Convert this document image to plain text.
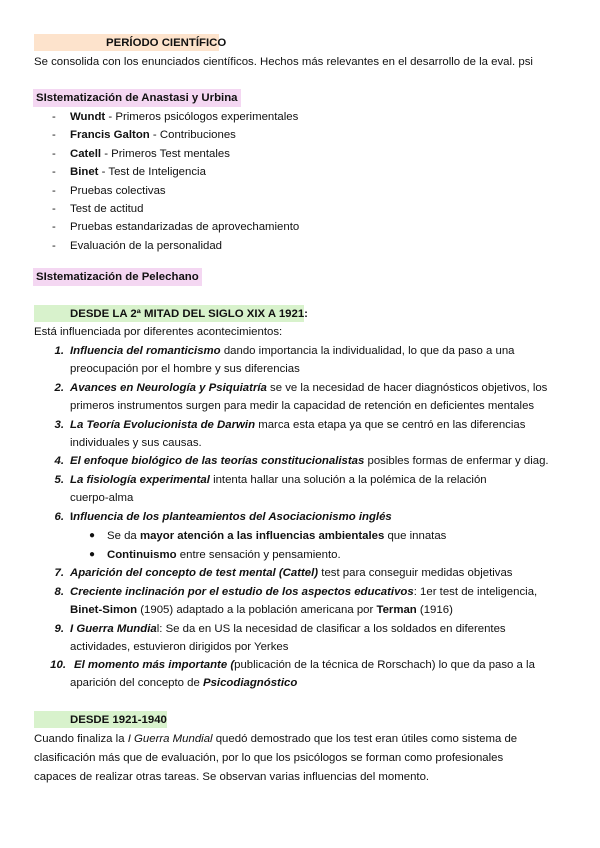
PERÍODO CIENTÍFICO
Se consolida con los enunciados científicos. Hechos más relevantes en el desarrollo de la eval. psi
SIstematización de Anastasi y Urbina
- Wundt - Primeros psicólogos experimentales
- Francis Galton - Contribuciones
- Catell - Primeros Test mentales
- Binet - Test de Inteligencia
- Pruebas colectivas
- Test de actitud
- Pruebas estandarizadas de aprovechamiento
- Evaluación de la personalidad
SIstematización de Pelechano
DESDE LA 2ª MITAD DEL SIGLO XIX A 1921:
Está influenciada por diferentes acontecimientos:
1. Influencia del romanticismo dando importancia la individualidad, lo que da paso a una
preocupación por el hombre y sus diferencias
2. Avances en Neurología y Psiquiatría se ve la necesidad de hacer diagnósticos objetivos, los
primeros instrumentos surgen para medir la capacidad de retención en deficientes mentales
3. La Teoría Evolucionista de Darwin marca esta etapa ya que se centró en las diferencias
individuales y sus causas.
4. El enfoque biológico de las teorías constitucionalistas posibles formas de enfermar y diag.
5. La fisiología experimental intenta hallar una solución a la polémica de la relación
cuerpo-alma
6. Influencia de los planteamientos del Asociacionismo inglés
7. Aparición del concepto de test mental (Cattel) test para conseguir medidas objetivas
8. Creciente inclinación por el estudio de los aspectos educativos: 1er test de inteligencia,
Binet-Simon (1905) adaptado a la población americana por Terman (1916)
9. I Guerra Mundial: Se da en US la necesidad de clasificar a los soldados en diferentes
actividades, estuvieron dirigidos por Yerkes
10. El momento más importante (publicación de la técnica de Rorschach) lo que da paso a la
aparición del concepto de Psicodiagnóstico
● Se da mayor atención a las influencias ambientales que innatas
● Continuismo entre sensación y pensamiento.
DESDE 1921-1940
Cuando finaliza la I Guerra Mundial quedó demostrado que los test eran útiles como sistema de
clasificación más que de evaluación, por lo que los psicólogos se forman como profesionales
capaces de realizar otras tareas. Se observan varias influencias del momento.
